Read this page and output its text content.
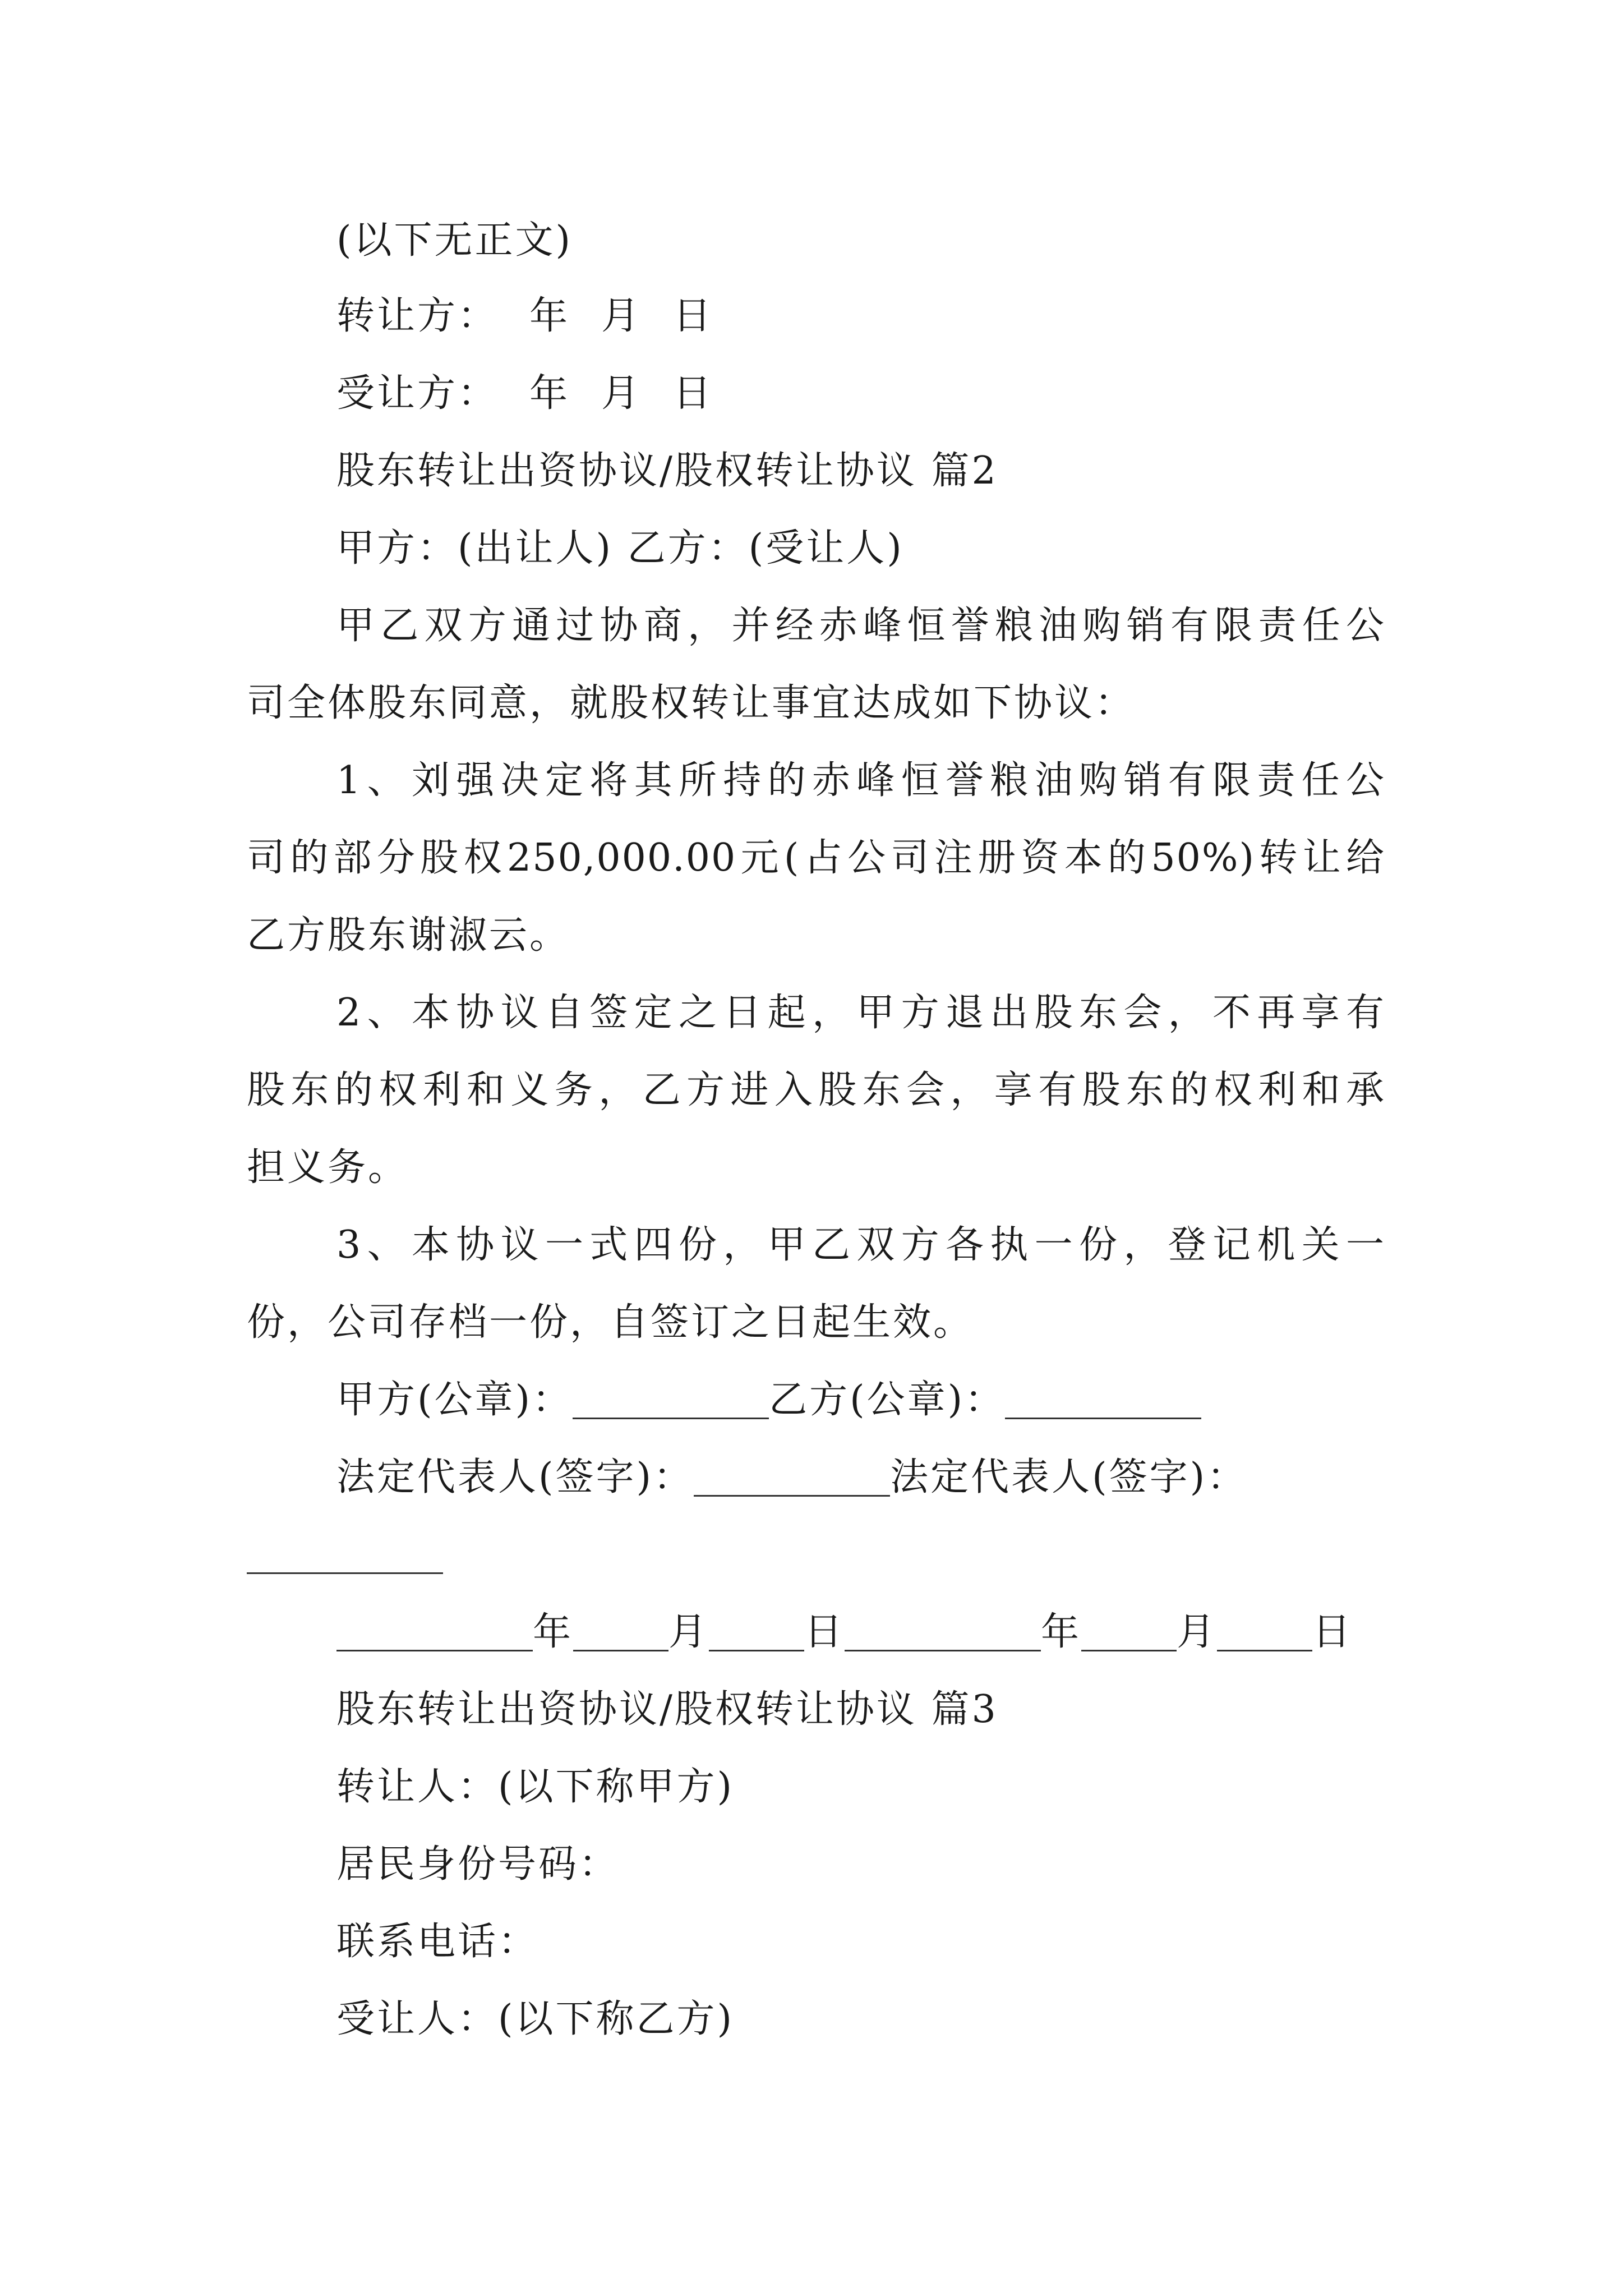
(以下无正文)
转让方： 年 月 日
受让方： 年 月 日
股东转让出资协议/股权转让协议 篇2
甲方：(出让人) 乙方：(受让人)
甲乙双方通过协商，并经赤峰恒誉粮油购销有限责任公
司全体股东同意，就股权转让事宜达成如下协议：
1、刘强决定将其所持的赤峰恒誉粮油购销有限责任公
司的部分股权250,000.00元(占公司注册资本的50%)转让给
乙方股东谢淑云。
2、本协议自签定之日起，甲方退出股东会，不再享有
股东的权利和义务，乙方进入股东会，享有股东的权利和承
担义务。
3、本协议一式四份，甲乙双方各执一份，登记机关一
份，公司存档一份，自签订之日起生效。
甲方(公章)：	乙方(公章)：
法定代表人(签字)：	法定代表人(签字)：
年	月	日	年	月	日
股东转让出资协议/股权转让协议 篇3
转让人：(以下称甲方)
居民身份号码：
联系电话：
受让人：(以下称乙方)
